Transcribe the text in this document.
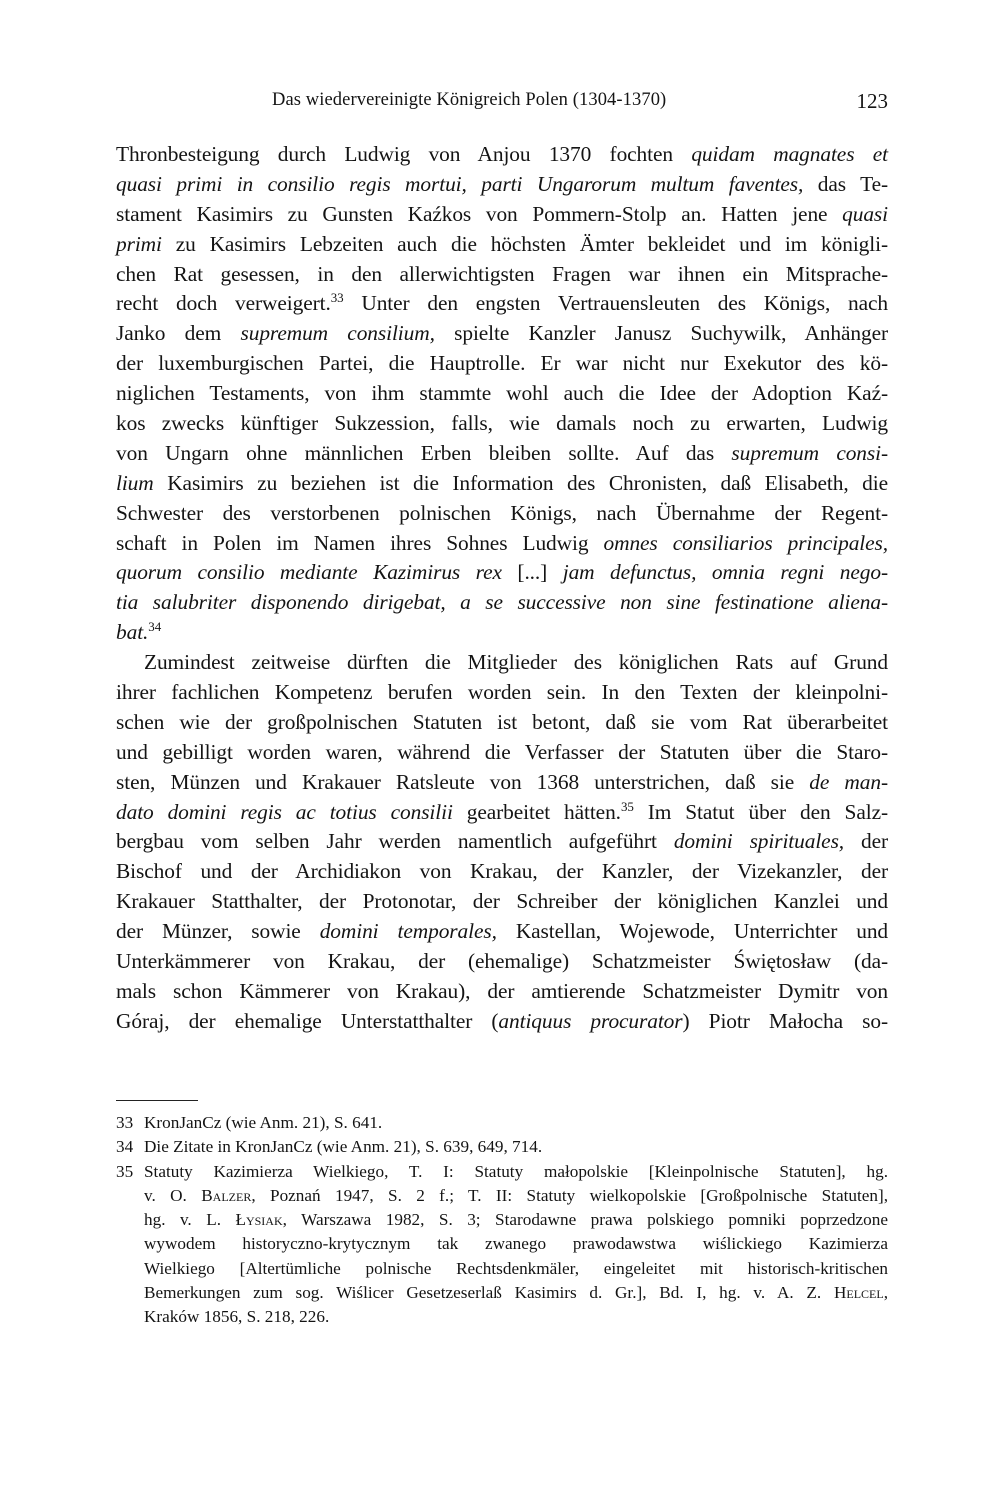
Das wiedervereinigte Königreich Polen (1304-1370)	123
Thronbesteigung durch Ludwig von Anjou 1370 fochten quidam magnates et
quasi primi in consilio regis mortui, parti Ungarorum multum faventes, das Te-
stament Kasimirs zu Gunsten Kaźkos von Pommern-Stolp an. Hatten jene quasi
primi zu Kasimirs Lebzeiten auch die höchsten Ämter bekleidet und im königli-
chen Rat gesessen, in den allerwichtigsten Fragen war ihnen ein Mitsprache-
recht doch verweigert.$^{33}$ Unter den engsten Vertrauensleuten des Königs, nach
Janko dem supremum consilium, spielte Kanzler Janusz Suchywilk, Anhänger
der luxemburgischen Partei, die Hauptrolle. Er war nicht nur Exekutor des kö-
niglichen Testaments, von ihm stammte wohl auch die Idee der Adoption Kaź-
kos zwecks künftiger Sukzession, falls, wie damals noch zu erwarten, Ludwig
von Ungarn ohne männlichen Erben bleiben sollte. Auf das supremum consi-
lium Kasimirs zu beziehen ist die Information des Chronisten, daß Elisabeth, die
Schwester des verstorbenen polnischen Königs, nach Übernahme der Regent-
schaft in Polen im Namen ihres Sohnes Ludwig omnes consiliarios principales,
quorum consilio mediante Kazimirus rex [...] jam defunctus, omnia regni nego-
tia salubriter disponendo dirigebat, a se successive non sine festinatione aliena-
bat.$^{34}$
Zumindest zeitweise dürften die Mitglieder des königlichen Rats auf Grund
ihrer fachlichen Kompetenz berufen worden sein. In den Texten der kleinpolni-
schen wie der großpolnischen Statuten ist betont, daß sie vom Rat überarbeitet
und gebilligt worden waren, während die Verfasser der Statuten über die Staro-
sten, Münzen und Krakauer Ratsleute von 1368 unterstrichen, daß sie de man-
dato domini regis ac totius consilii gearbeitet hätten.$^{35}$ Im Statut über den Salz-
bergbau vom selben Jahr werden namentlich aufgeführt domini spirituales, der
Bischof und der Archidiakon von Krakau, der Kanzler, der Vizekanzler, der
Krakauer Statthalter, der Protonotar, der Schreiber der königlichen Kanzlei und
der Münzer, sowie domini temporales, Kastellan, Wojewode, Unterrichter und
Unterkämmerer von Krakau, der (ehemalige) Schatzmeister Świętosław (da-
mals schon Kämmerer von Krakau), der amtierende Schatzmeister Dymitr von
Góraj, der ehemalige Unterstatthalter (antiquus procurator) Piotr Małocha so-
33 KronJanCz (wie Anm. 21), S. 641.
34 Die Zitate in KronJanCz (wie Anm. 21), S. 639, 649, 714.
35 Statuty Kazimierza Wielkiego, T. I: Statuty małopolskie [Kleinpolnische Statuten], hg.
v. O. Balzer, Poznań 1947, S. 2 f.; T. II: Statuty wielkopolskie [Großpolnische Statuten],
hg. v. L. Łysiak, Warszawa 1982, S. 3; Starodawne prawa polskiego pomniki poprzedzone
wywodem historyczno-krytycznym tak zwanego prawodawstwa wiślickiego Kazimierza
Wielkiego [Altertümliche polnische Rechtsdenkmäler, eingeleitet mit historisch-kritischen
Bemerkungen zum sog. Wiślicer Gesetzeserlaß Kasimirs d. Gr.], Bd. I, hg. v. A. Z. Helcel,
Kraków 1856, S. 218, 226.
